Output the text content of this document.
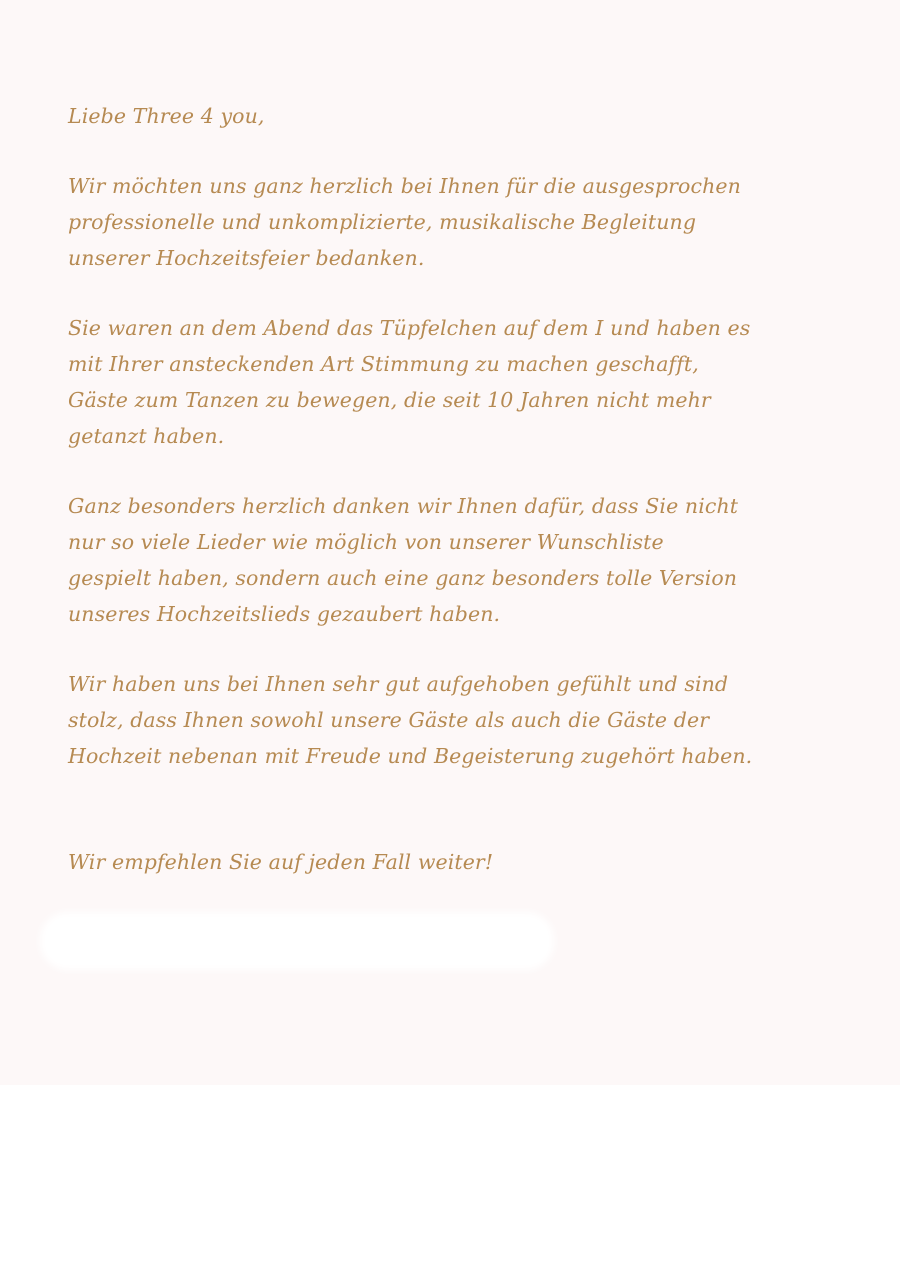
Liebe Three 4 you,

Wir möchten uns ganz herzlich bei Ihnen für die ausgesprochen
professionelle und unkomplizierte, musikalische Begleitung
unserer Hochzeitsfeier bedanken.

Sie waren an dem Abend das Tüpfelchen auf dem I und haben es
mit Ihrer ansteckenden Art Stimmung zu machen geschafft,
Gäste zum Tanzen zu bewegen, die seit 10 Jahren nicht mehr
getanzt haben.

Ganz besonders herzlich danken wir Ihnen dafür, dass Sie nicht
nur so viele Lieder wie möglich von unserer Wunschliste
gespielt haben, sondern auch eine ganz besonders tolle Version
unseres Hochzeitslieds gezaubert haben.

Wir haben uns bei Ihnen sehr gut aufgehoben gefühlt und sind
stolz, dass Ihnen sowohl unsere Gäste als auch die Gäste der
Hochzeit nebenan mit Freude und Begeisterung zugehört haben.

Wir empfehlen Sie auf jeden Fall weiter!
